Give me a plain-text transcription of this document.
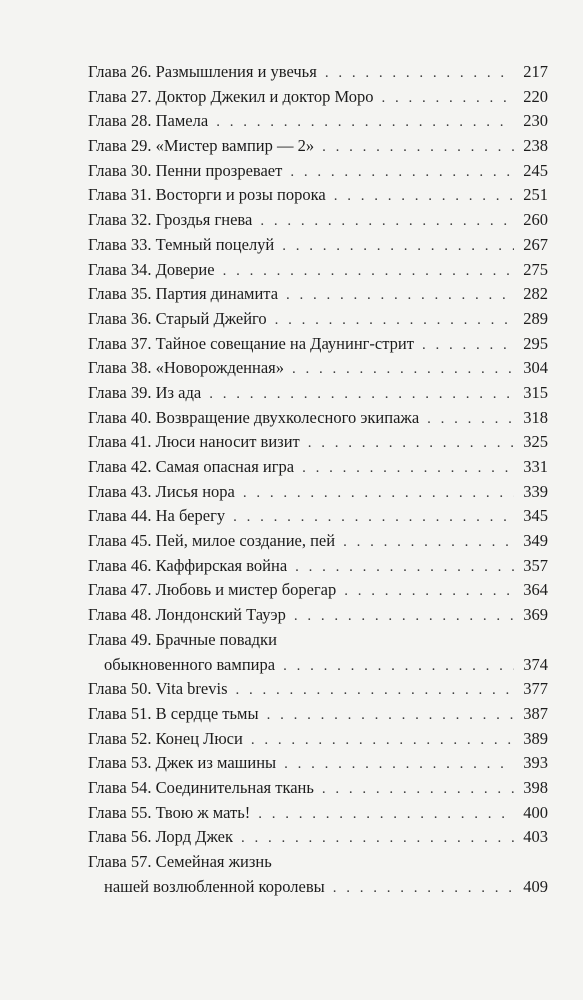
Глава 26. Размышления и увечья . . .	217
Глава 27. Доктор Джекил и доктор Моро . . .	220
Глава 28. Памела . . .	230
Глава 29. «Мистер вампир — 2» . . .	238
Глава 30. Пенни прозревает . . .	245
Глава 31. Восторги и розы порока . . .	251
Глава 32. Гроздья гнева . . .	260
Глава 33. Темный поцелуй . . .	267
Глава 34. Доверие . . .	275
Глава 35. Партия динамита . . .	282
Глава 36. Старый Джейго . . .	289
Глава 37. Тайное совещание на Даунинг-стрит . . .	295
Глава 38. «Новорожденная» . . .	304
Глава 39. Из ада . . .	315
Глава 40. Возвращение двухколесного экипажа . . .	318
Глава 41. Люси наносит визит . . .	325
Глава 42. Самая опасная игра . . .	331
Глава 43. Лисья нора . . .	339
Глава 44. На берегу . . .	345
Глава 45. Пей, милое создание, пей . . .	349
Глава 46. Каффирская война . . .	357
Глава 47. Любовь и мистер борегар . . .	364
Глава 48. Лондонский Тауэр . . .	369
Глава 49. Брачные повадки
обыкновенного вампира . . .	374
Глава 50. Vita brevis . . .	377
Глава 51. В сердце тьмы . . .	387
Глава 52. Конец Люси . . .	389
Глава 53. Джек из машины . . .	393
Глава 54. Соединительная ткань . . .	398
Глава 55. Твою ж мать! . . .	400
Глава 56. Лорд Джек . . .	403
Глава 57. Семейная жизнь
нашей возлюбленной королевы . . .	409
